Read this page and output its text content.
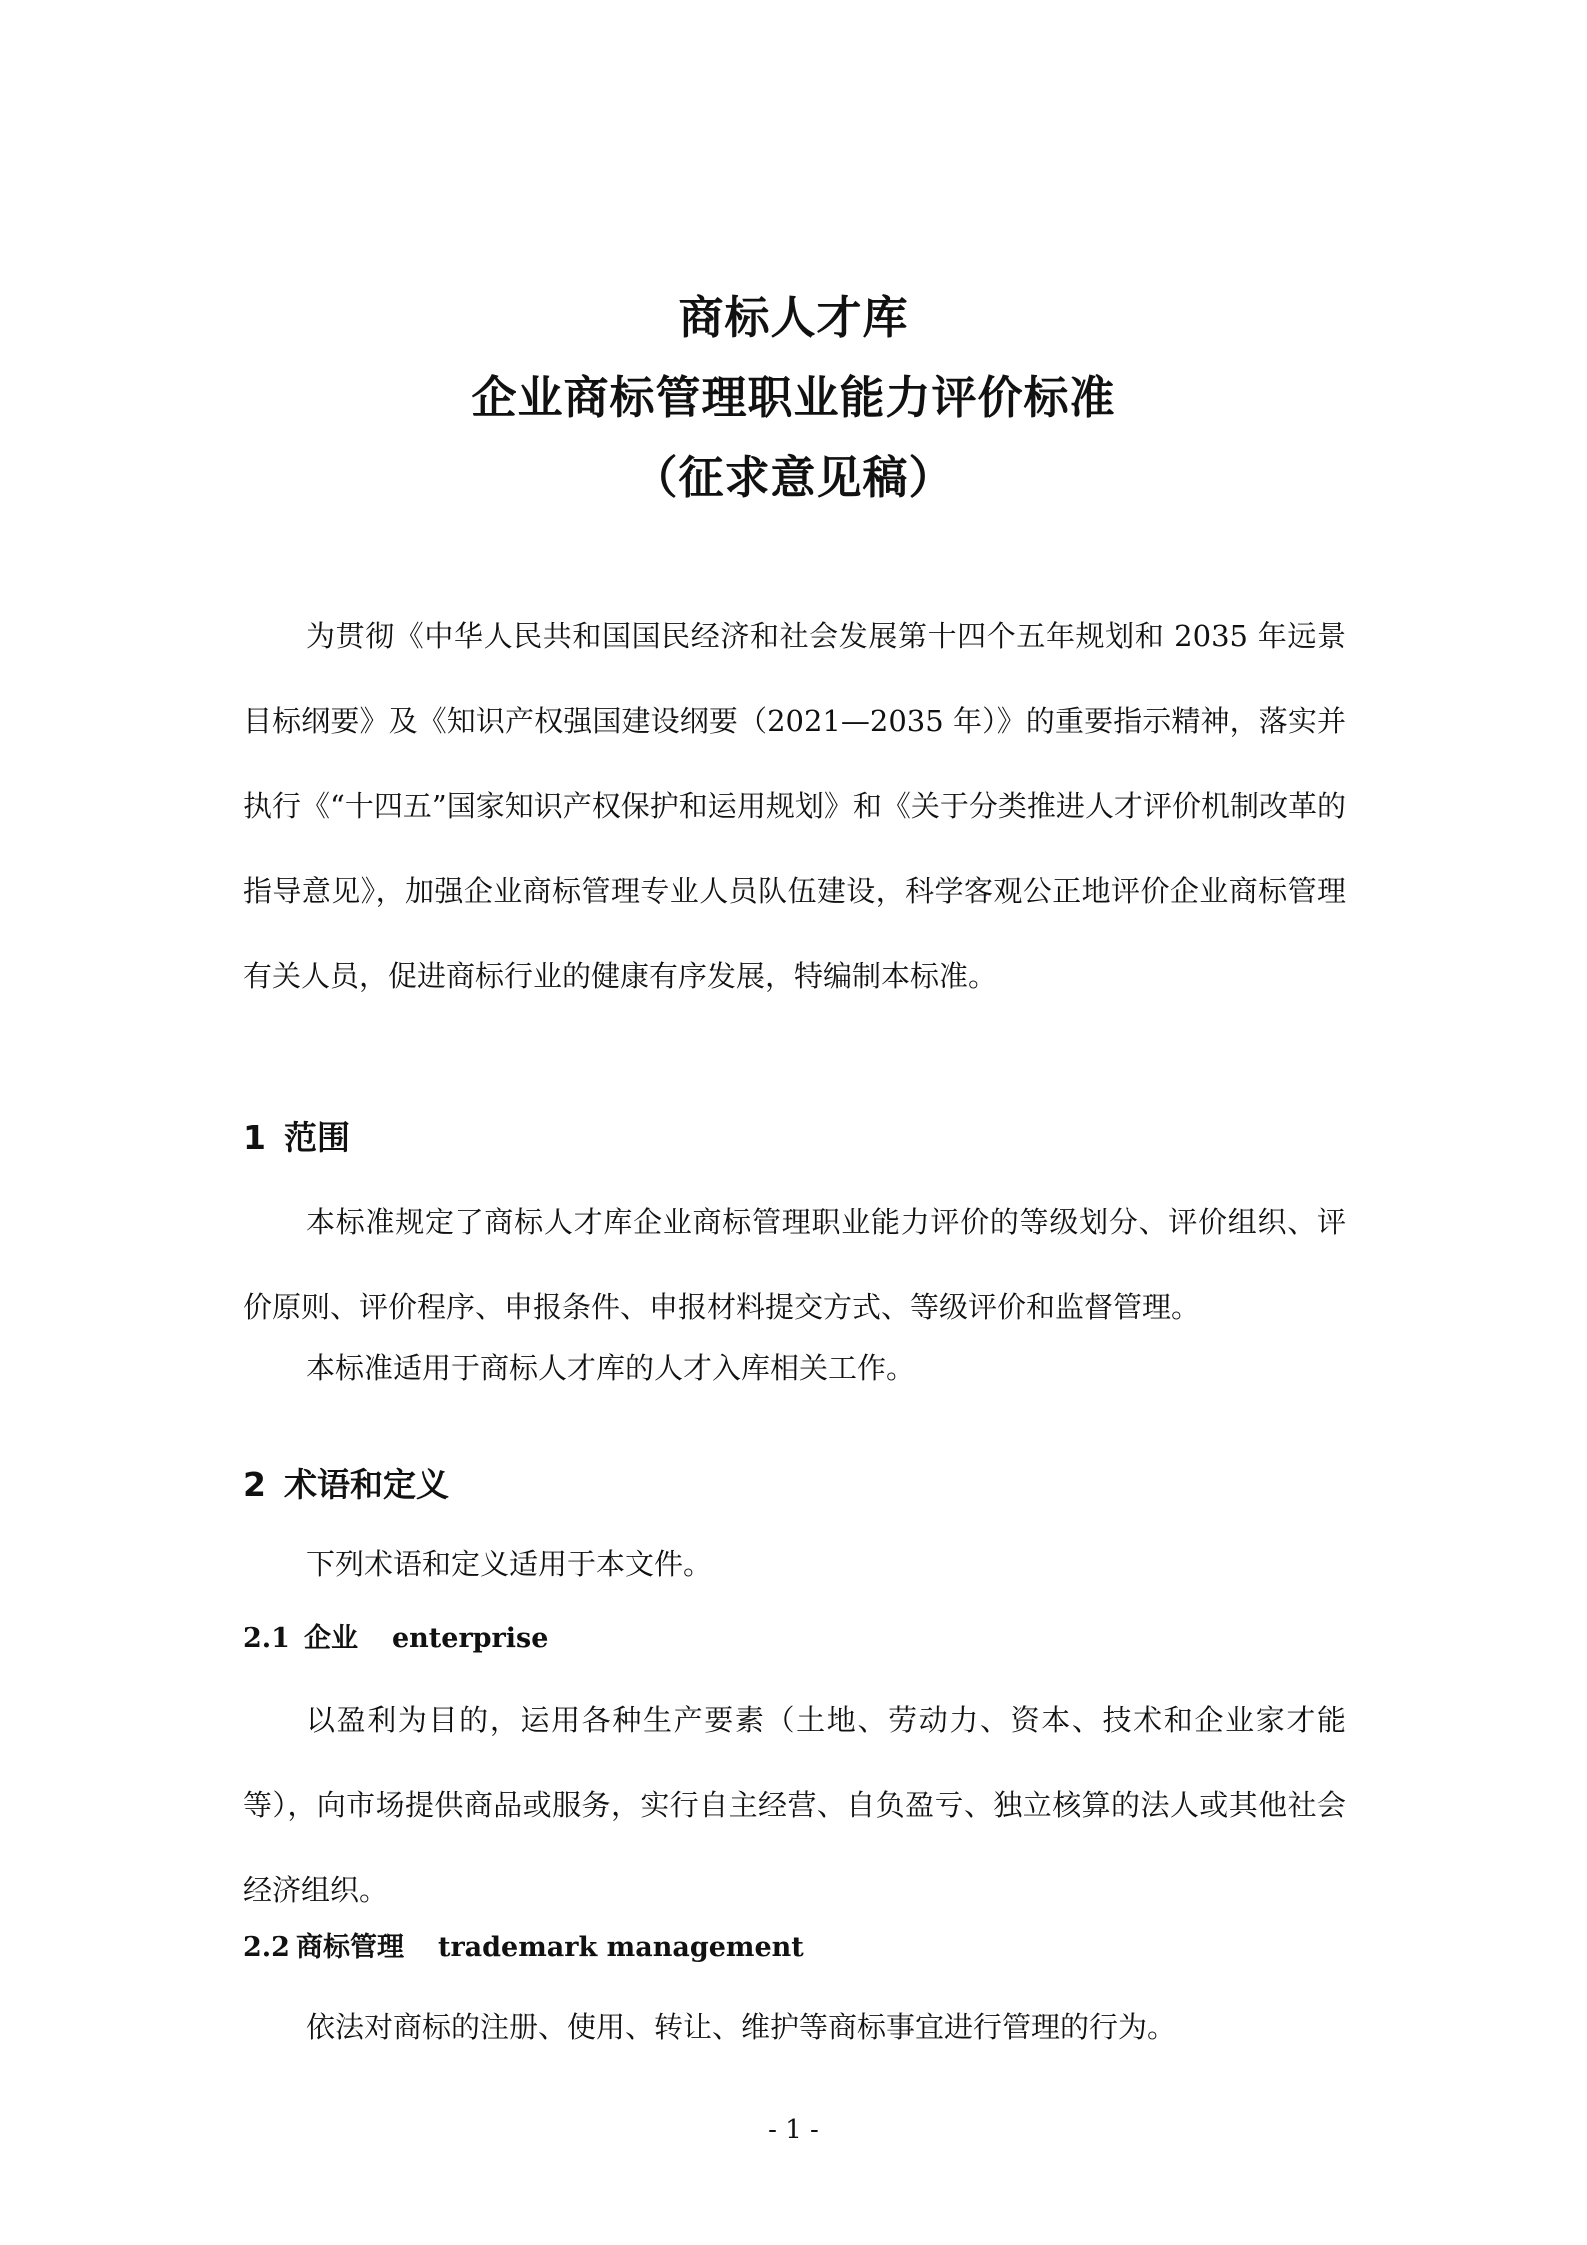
商标人才库
企业商标管理职业能力评价标准
（征求意见稿）

为贯彻《中华人民共和国国民经济和社会发展第十四个五年规划和 2035 年远景目标纲要》及《知识产权强国建设纲要（2021—2035 年）》的重要指示精神，落实并执行《“十四五”国家知识产权保护和运用规划》和《关于分类推进人才评价机制改革的指导意见》，加强企业商标管理专业人员队伍建设，科学客观公正地评价企业商标管理有关人员，促进商标行业的健康有序发展，特编制本标准。

1 范围

本标准规定了商标人才库企业商标管理职业能力评价的等级划分、评价组织、评价原则、评价程序、申报条件、申报材料提交方式、等级评价和监督管理。

本标准适用于商标人才库的人才入库相关工作。

2 术语和定义

下列术语和定义适用于本文件。

2.1 企业 enterprise

以盈利为目的，运用各种生产要素（土地、劳动力、资本、技术和企业家才能等），向市场提供商品或服务，实行自主经营、自负盈亏、独立核算的法人或其他社会经济组织。

2.2 商标管理 trademark management

依法对商标的注册、使用、转让、维护等商标事宜进行管理的行为。

- 1 -
